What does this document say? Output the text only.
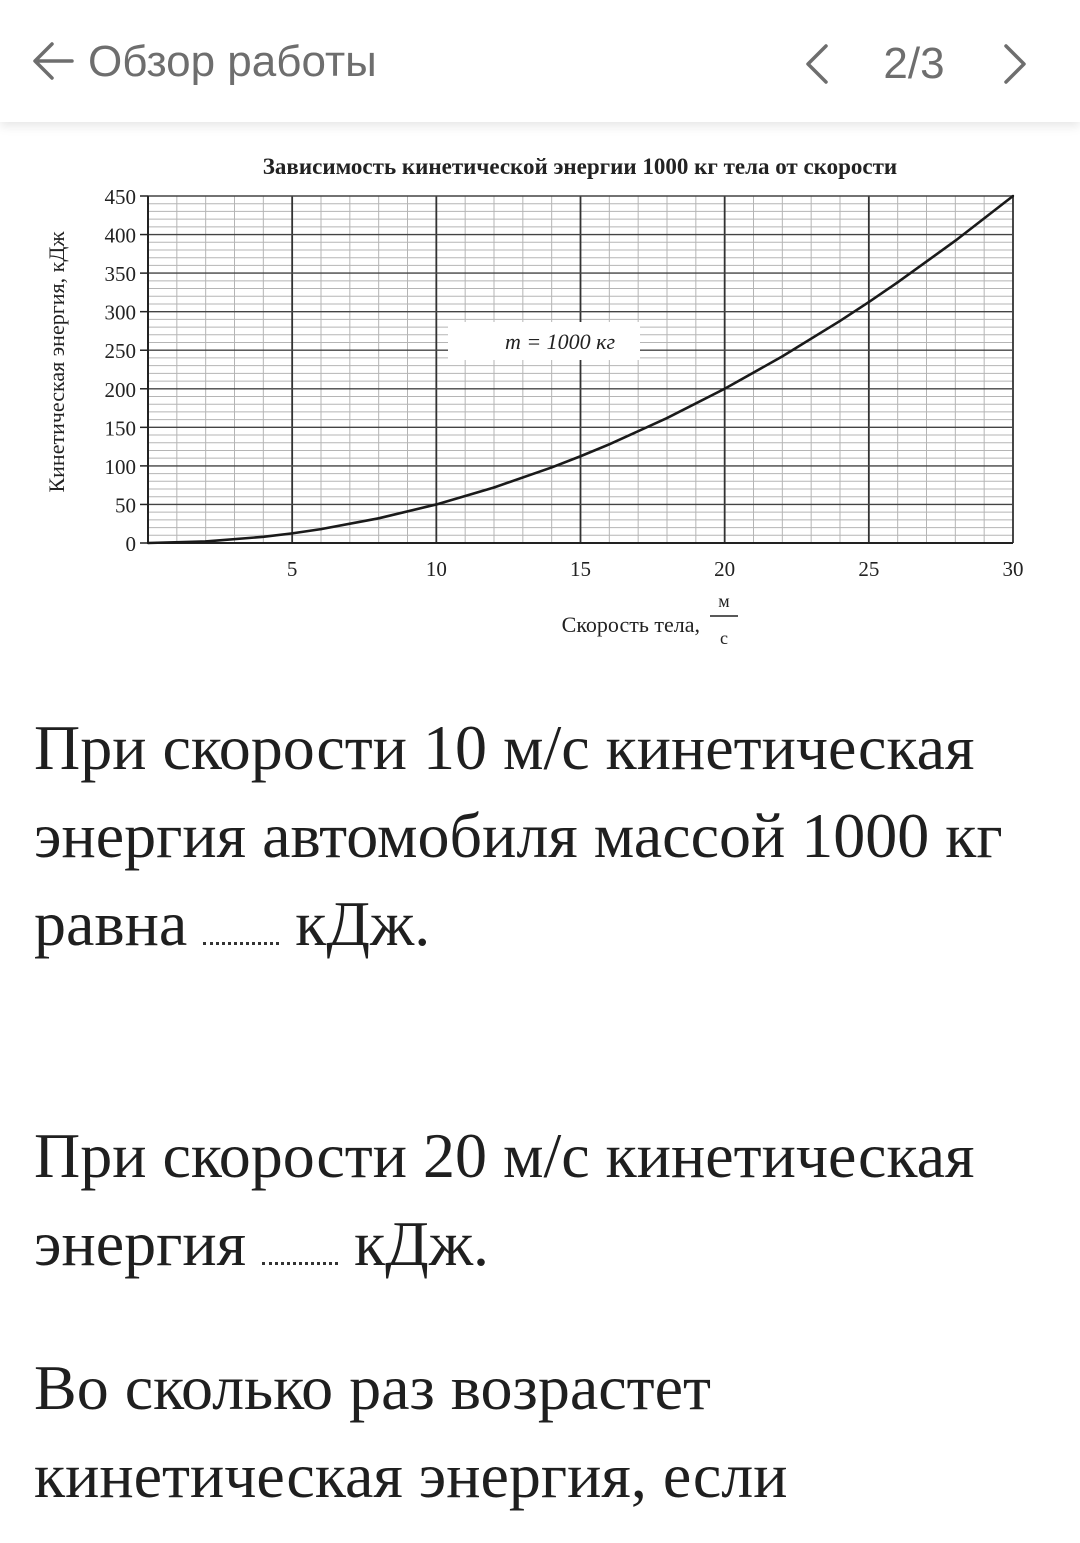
Обзор работы	2/3
Зависимость кинетической энергии 1000 кг тела от скорости
0
50
100
150
200
250
300
350
400
450
5	10	15	20	25	30
m = 1000 кг
Кинетическая энергия, кДж
Скорость тела,
м
с
При скорости 10 м/с кинетическая энергия автомобиля массой 1000 кг равна кДж.
При скорости 20 м/с кинетическая энергия кДж.
Во сколько раз возрастет кинетическая энергия, если
